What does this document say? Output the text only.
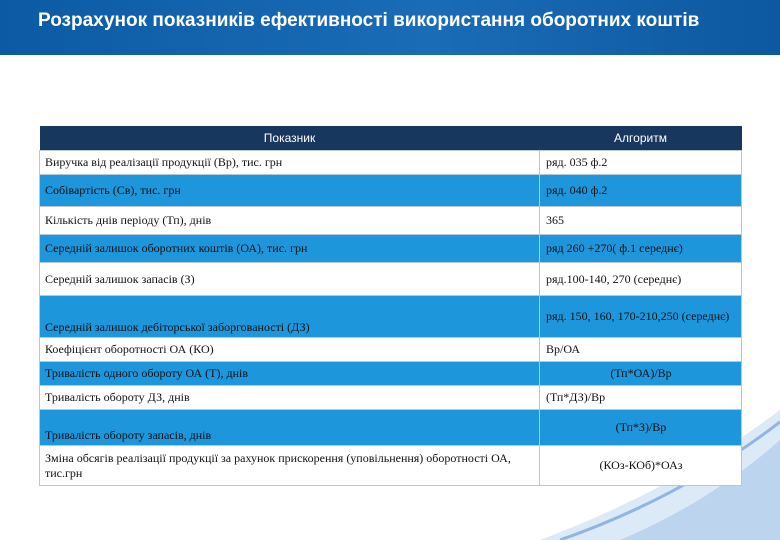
Розрахунок показників ефективності використання оборотних коштів
Показник	Алгоритм
Виручка від реалізації продукції (Вр), тис. грн	ряд. 035 ф.2
Собівартість (Св), тис. грн	ряд. 040 ф.2
Кількість днів періоду (Тп), днів	365
Середній залишок оборотних коштів (ОА), тис. грн	ряд 260 +270( ф.1 середнє)
Середній залишок запасів (З)	ряд.100-140, 270 (середнє)
Середній залишок дебіторської заборгованості (ДЗ)	ряд. 150, 160, 170-210,250 (середнє)
Коефіцієнт оборотності ОА (КО)	Вр/ОА
Тривалість одного обороту ОА (Т), днів	(Тп*ОА)/Вр
Тривалість обороту ДЗ, днів	(Тп*ДЗ)/Вр
Тривалість обороту запасів, днів	(Тп*З)/Вр
Зміна обсягів реалізації продукції за рахунок прискорення (уповільнення) оборотності ОА, тис.грн	(КОз-КОб)*ОАз
